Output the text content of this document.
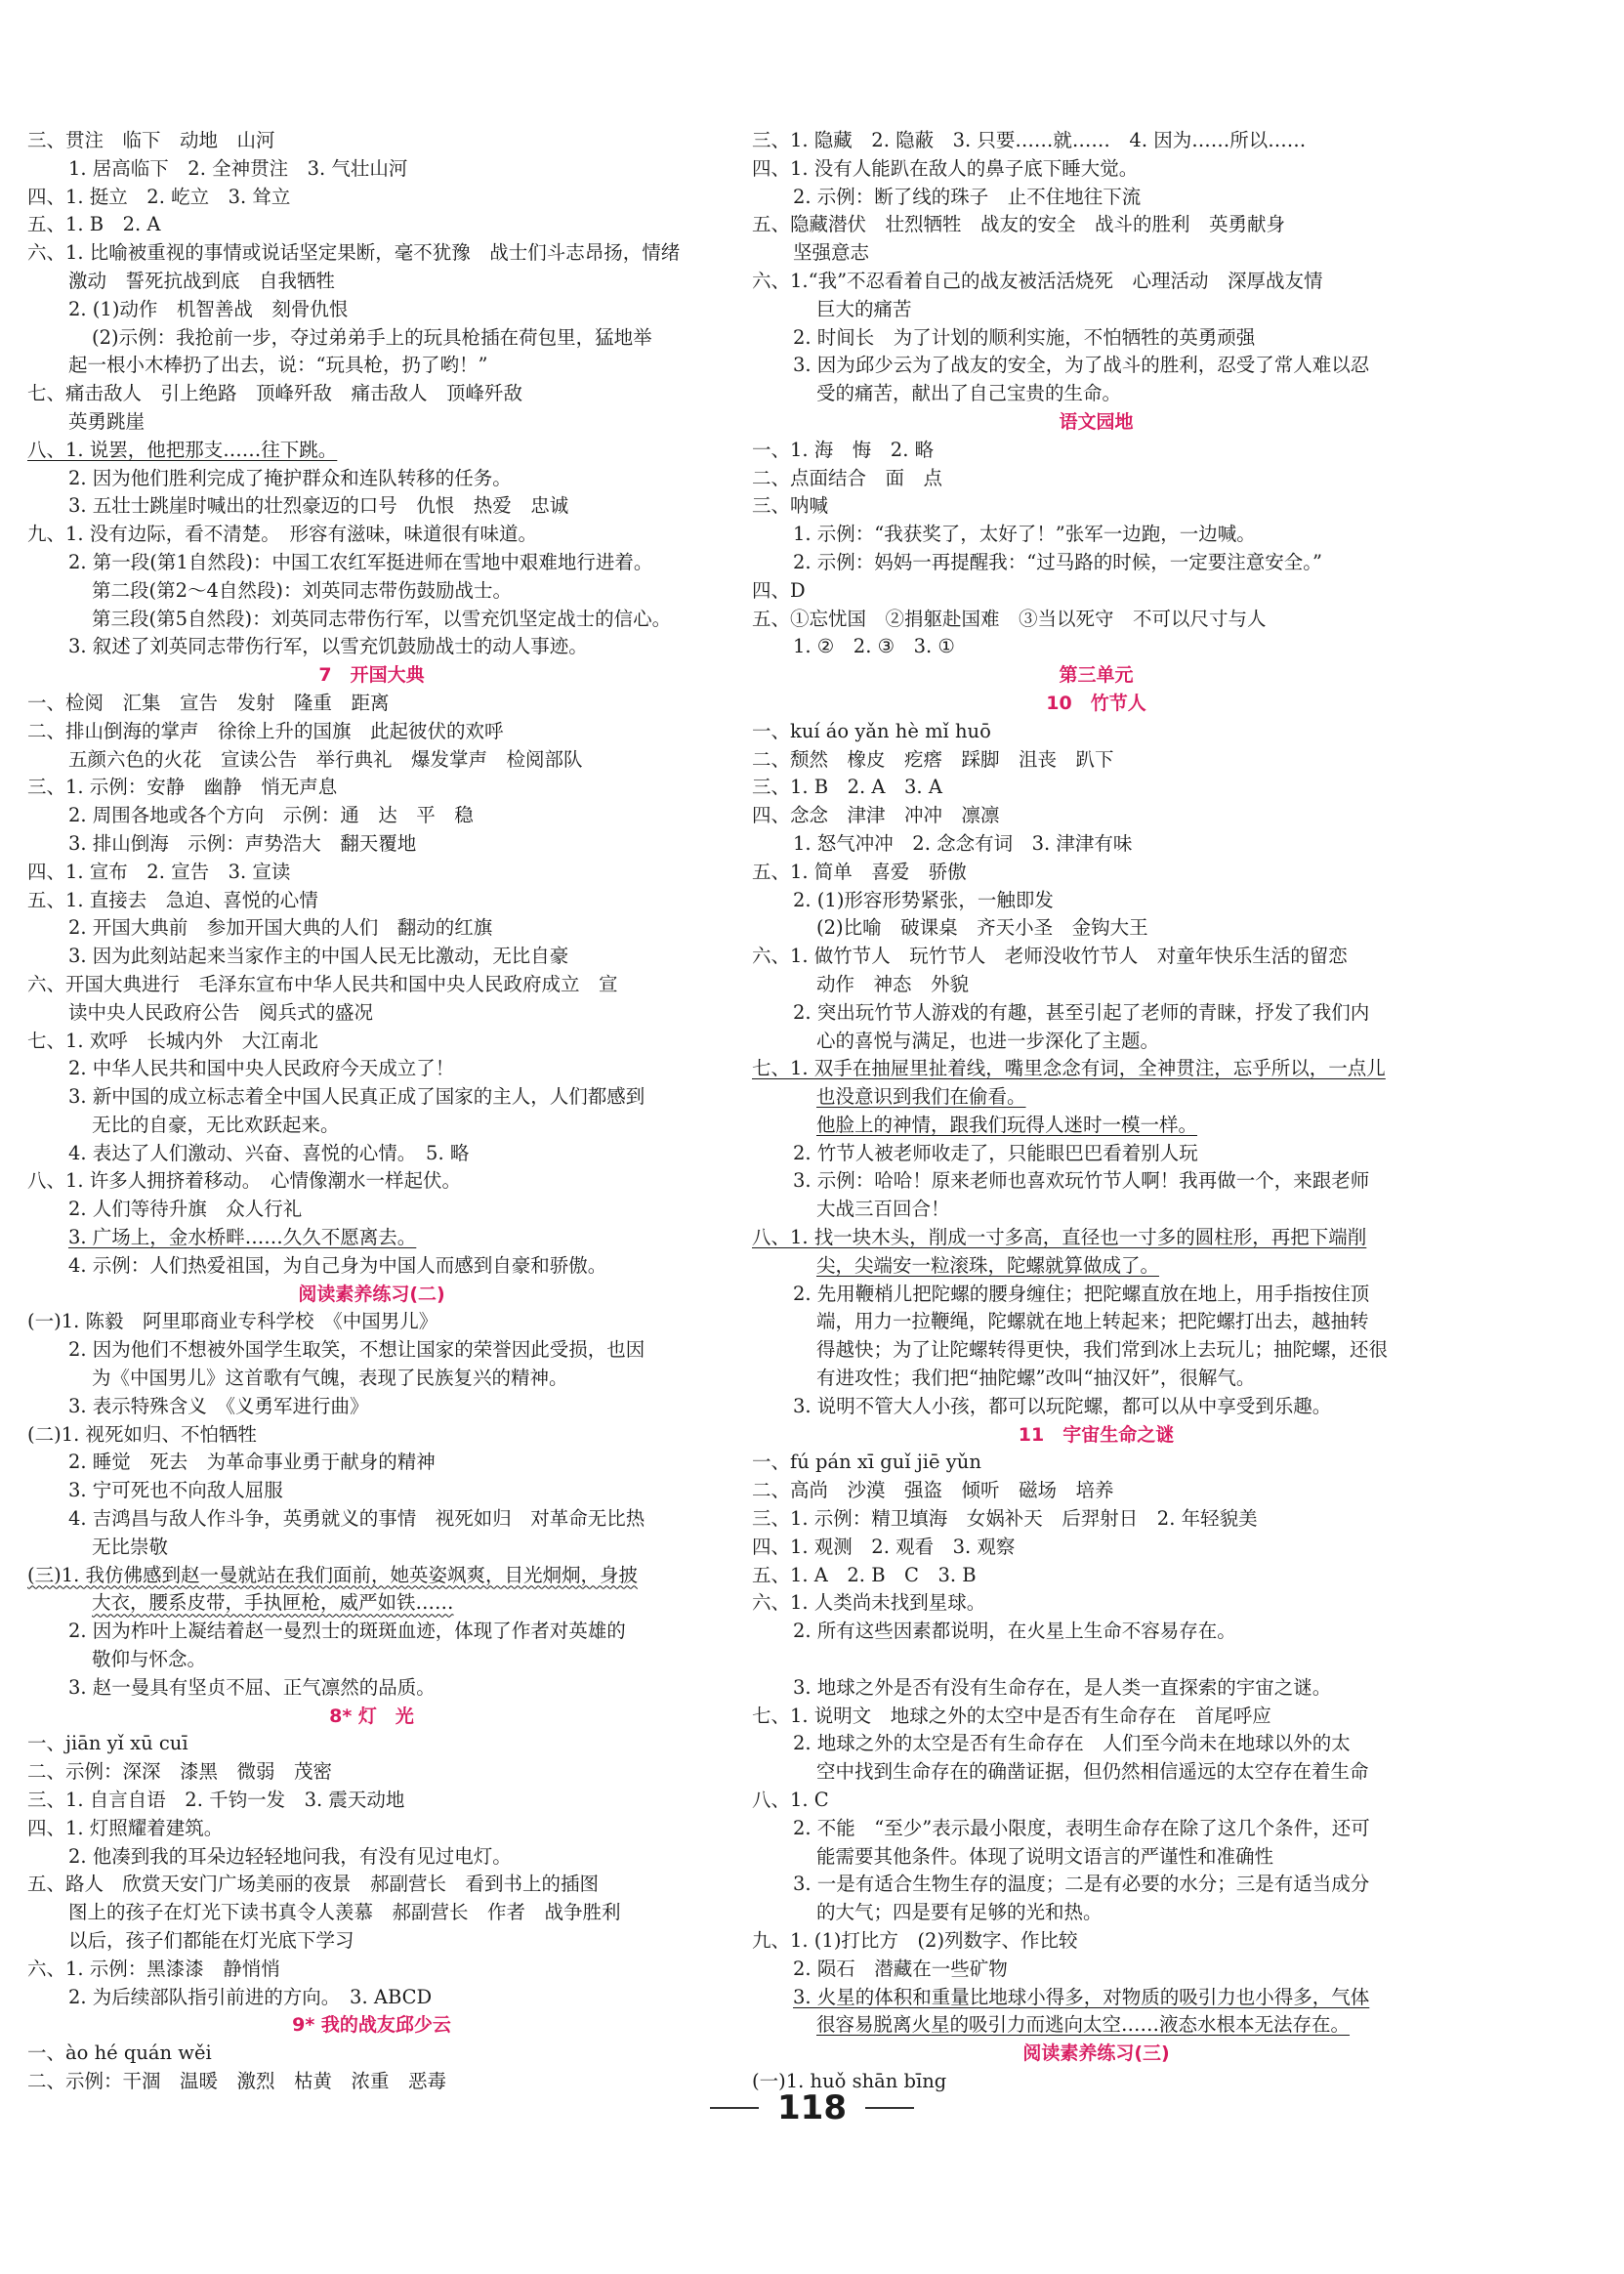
三、贯注　临下　动地　山河
1. 居高临下　2. 全神贯注　3. 气壮山河
四、1. 挺立　2. 屹立　3. 耸立
五、1. B　2. A
六、1. 比喻被重视的事情或说话坚定果断，毫不犹豫　战士们斗志昂扬，情绪
激动　誓死抗战到底　自我牺牲
2. (1)动作　机智善战　刻骨仇恨
(2)示例：我抢前一步，夺过弟弟手上的玩具枪插在荷包里，猛地举
起一根小木棒扔了出去，说：“玩具枪，扔了哟！”
七、痛击敌人　引上绝路　顶峰歼敌　痛击敌人　顶峰歼敌
英勇跳崖
八、1. 说罢，他把那支……往下跳。
2. 因为他们胜利完成了掩护群众和连队转移的任务。
3. 五壮士跳崖时喊出的壮烈豪迈的口号　仇恨　热爱　忠诚
九、1. 没有边际，看不清楚。　形容有滋味，味道很有味道。
2. 第一段(第1自然段)：中国工农红军挺进师在雪地中艰难地行进着。
第二段(第2～4自然段)：刘英同志带伤鼓励战士。
第三段(第5自然段)：刘英同志带伤行军，以雪充饥坚定战士的信心。
3. 叙述了刘英同志带伤行军，以雪充饥鼓励战士的动人事迹。
7　开国大典
一、检阅　汇集　宣告　发射　隆重　距离
二、排山倒海的掌声　徐徐上升的国旗　此起彼伏的欢呼
五颜六色的火花　宣读公告　举行典礼　爆发掌声　检阅部队
三、1. 示例：安静　幽静　悄无声息
2. 周围各地或各个方向　示例：通　达　平　稳
3. 排山倒海　示例：声势浩大　翻天覆地
四、1. 宣布　2. 宣告　3. 宣读
五、1. 直接去　急迫、喜悦的心情
2. 开国大典前　参加开国大典的人们　翻动的红旗
3. 因为此刻站起来当家作主的中国人民无比激动，无比自豪
六、开国大典进行　毛泽东宣布中华人民共和国中央人民政府成立　宣
读中央人民政府公告　阅兵式的盛况
七、1. 欢呼　长城内外　大江南北
2. 中华人民共和国中央人民政府今天成立了！
3. 新中国的成立标志着全中国人民真正成了国家的主人，人们都感到
无比的自豪，无比欢跃起来。
4. 表达了人们激动、兴奋、喜悦的心情。　5. 略
八、1. 许多人拥挤着移动。　心情像潮水一样起伏。
2. 人们等待升旗　众人行礼
3. 广场上，金水桥畔……久久不愿离去。
4. 示例：人们热爱祖国，为自己身为中国人而感到自豪和骄傲。
阅读素养练习(二)
(一)1. 陈毅　阿里耶商业专科学校　《中国男儿》
2. 因为他们不想被外国学生取笑，不想让国家的荣誉因此受损，也因
为《中国男儿》这首歌有气魄，表现了民族复兴的精神。
3. 表示特殊含义　《义勇军进行曲》
(二)1. 视死如归、不怕牺牲
2. 睡觉　死去　为革命事业勇于献身的精神
3. 宁可死也不向敌人屈服
4. 吉鸿昌与敌人作斗争，英勇就义的事情　视死如归　对革命无比热
无比崇敬
(三)1. 我仿佛感到赵一曼就站在我们面前，她英姿飒爽，目光炯炯，身披
大衣，腰系皮带，手执匣枪，威严如铁……
2. 因为柞叶上凝结着赵一曼烈士的斑斑血迹，体现了作者对英雄的
敬仰与怀念。
3. 赵一曼具有坚贞不屈、正气凛然的品质。
8* 灯　光
一、jiān yǐ xū cuī
二、示例：深深　漆黑　微弱　茂密
三、1. 自言自语　2. 千钧一发　3. 震天动地
四、1. 灯照耀着建筑。
2. 他凑到我的耳朵边轻轻地问我，有没有见过电灯。
五、路人　欣赏天安门广场美丽的夜景　郝副营长　看到书上的插图
图上的孩子在灯光下读书真令人羡慕　郝副营长　作者　战争胜利
以后，孩子们都能在灯光底下学习
六、1. 示例：黑漆漆　静悄悄
2. 为后续部队指引前进的方向。　3. ABCD
9* 我的战友邱少云
一、ào hé quán wěi
二、示例：干涸　温暖　激烈　枯黄　浓重　恶毒
三、1. 隐藏　2. 隐蔽　3. 只要……就……　4. 因为……所以……
四、1. 没有人能趴在敌人的鼻子底下睡大觉。
2. 示例：断了线的珠子　止不住地往下流
五、隐藏潜伏　壮烈牺牲　战友的安全　战斗的胜利　英勇献身
坚强意志
六、1.“我”不忍看着自己的战友被活活烧死　心理活动　深厚战友情
巨大的痛苦
2. 时间长　为了计划的顺利实施，不怕牺牲的英勇顽强
3. 因为邱少云为了战友的安全，为了战斗的胜利，忍受了常人难以忍
受的痛苦，献出了自己宝贵的生命。
语文园地
一、1. 海　悔　2. 略
二、点面结合　面　点
三、呐喊
1. 示例：“我获奖了，太好了！”张军一边跑，一边喊。
2. 示例：妈妈一再提醒我：“过马路的时候，一定要注意安全。”
四、D
五、①忘忧国　②捐躯赴国难　③当以死守　不可以尺寸与人
1. ②　2. ③　3. ①
第三单元
10　竹节人
一、kuí áo yǎn hè mǐ huō
二、颓然　橡皮　疙瘩　踩脚　沮丧　趴下
三、1. B　2. A　3. A
四、念念　津津　冲冲　凛凛
1. 怒气冲冲　2. 念念有词　3. 津津有味
五、1. 简单　喜爱　骄傲
2. (1)形容形势紧张，一触即发
(2)比喻　破课桌　齐天小圣　金钩大王
六、1. 做竹节人　玩竹节人　老师没收竹节人　对童年快乐生活的留恋
动作　神态　外貌
2. 突出玩竹节人游戏的有趣，甚至引起了老师的青睐，抒发了我们内
心的喜悦与满足，也进一步深化了主题。
七、1. 双手在抽屉里扯着线，嘴里念念有词，全神贯注，忘乎所以，一点儿
也没意识到我们在偷看。
他脸上的神情，跟我们玩得人迷时一模一样。
2. 竹节人被老师收走了，只能眼巴巴看着别人玩
3. 示例：哈哈！原来老师也喜欢玩竹节人啊！我再做一个，来跟老师
大战三百回合！
八、1. 找一块木头，削成一寸多高，直径也一寸多的圆柱形，再把下端削
尖，尖端安一粒滚珠，陀螺就算做成了。
2. 先用鞭梢儿把陀螺的腰身缠住；把陀螺直放在地上，用手指按住顶
端，用力一拉鞭绳，陀螺就在地上转起来；把陀螺打出去，越抽转
得越快；为了让陀螺转得更快，我们常到冰上去玩儿；抽陀螺，还很
有进攻性；我们把“抽陀螺”改叫“抽汉奸”，很解气。
3. 说明不管大人小孩，都可以玩陀螺，都可以从中享受到乐趣。
11　宇宙生命之谜
一、fú pán xī guǐ jiē yǔn
二、高尚　沙漠　强盗　倾听　磁场　培养
三、1. 示例：精卫填海　女娲补天　后羿射日　2. 年轻貌美
四、1. 观测　2. 观看　3. 观察
五、1. A　2. B　C　3. B
六、1. 人类尚未找到星球。
2. 所有这些因素都说明，在火星上生命不容易存在。
3. 地球之外是否有没有生命存在，是人类一直探索的宇宙之谜。
七、1. 说明文　地球之外的太空中是否有生命存在　首尾呼应
2. 地球之外的太空是否有生命存在　人们至今尚未在地球以外的太
空中找到生命存在的确凿证据，但仍然相信遥远的太空存在着生命
八、1. C
2. 不能　“至少”表示最小限度，表明生命存在除了这几个条件，还可
能需要其他条件。体现了说明文语言的严谨性和准确性
3. 一是有适合生物生存的温度；二是有必要的水分；三是有适当成分
的大气；四是要有足够的光和热。
九、1. (1)打比方　(2)列数字、作比较
2. 陨石　潜藏在一些矿物
3. 火星的体积和重量比地球小得多，对物质的吸引力也小得多，气体
很容易脱离火星的吸引力而逃向太空……液态水根本无法存在。
阅读素养练习(三)
(一)1. huǒ shān bīng
118
